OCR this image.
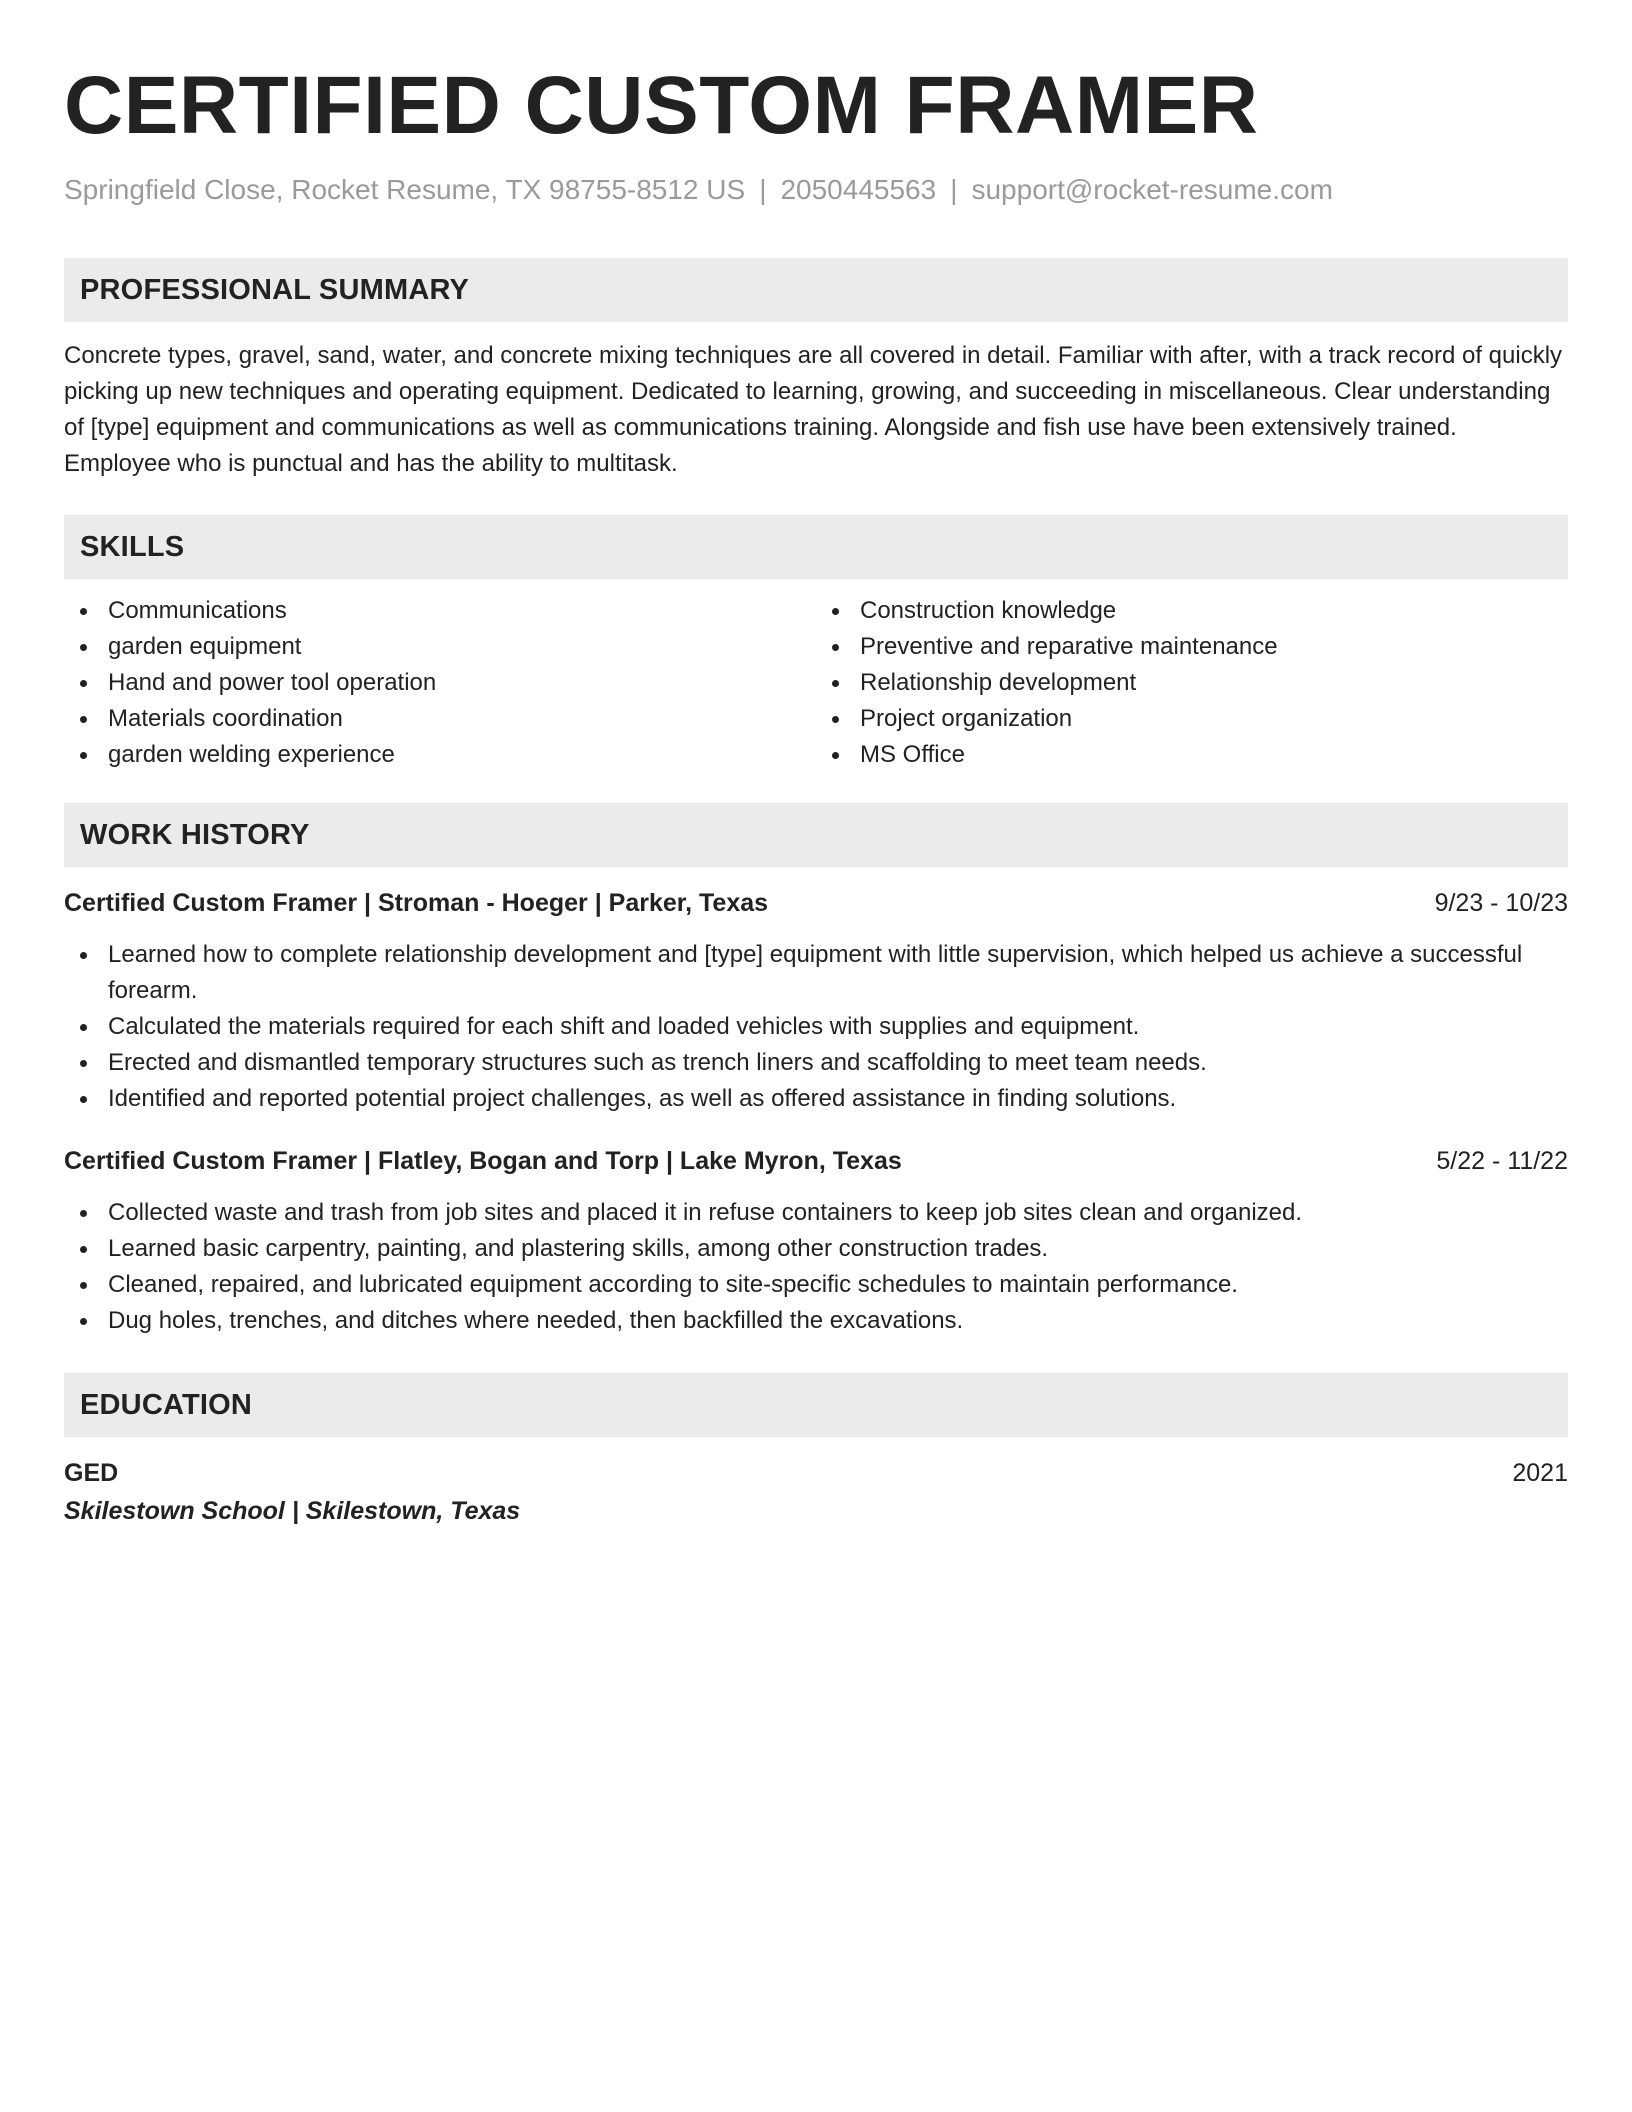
CERTIFIED CUSTOM FRAMER
Springfield Close, Rocket Resume, TX 98755-8512 US | 2050445563 | support@rocket-resume.com
PROFESSIONAL SUMMARY

Concrete types, gravel, sand, water, and concrete mixing techniques are all covered in detail. Familiar with after, with a track record of quickly picking up new techniques and operating equipment. Dedicated to learning, growing, and succeeding in miscellaneous. Clear understanding of [type] equipment and communications as well as communications training. Alongside and fish use have been extensively trained. Employee who is punctual and has the ability to multitask.

SKILLS
Communications
garden equipment
Hand and power tool operation
Materials coordination
garden welding experience
Construction knowledge
Preventive and reparative maintenance
Relationship development
Project organization
MS Office
WORK HISTORY
Certified Custom Framer | Stroman - Hoeger | Parker, Texas	9/23 - 10/23
Learned how to complete relationship development and [type] equipment with little supervision, which helped us achieve a successful forearm.
Calculated the materials required for each shift and loaded vehicles with supplies and equipment.
Erected and dismantled temporary structures such as trench liners and scaffolding to meet team needs.
Identified and reported potential project challenges, as well as offered assistance in finding solutions.
Certified Custom Framer | Flatley, Bogan and Torp | Lake Myron, Texas	5/22 - 11/22
Collected waste and trash from job sites and placed it in refuse containers to keep job sites clean and organized.
Learned basic carpentry, painting, and plastering skills, among other construction trades.
Cleaned, repaired, and lubricated equipment according to site-specific schedules to maintain performance.
Dug holes, trenches, and ditches where needed, then backfilled the excavations.
EDUCATION
GED	2021
Skilestown School | Skilestown, Texas
